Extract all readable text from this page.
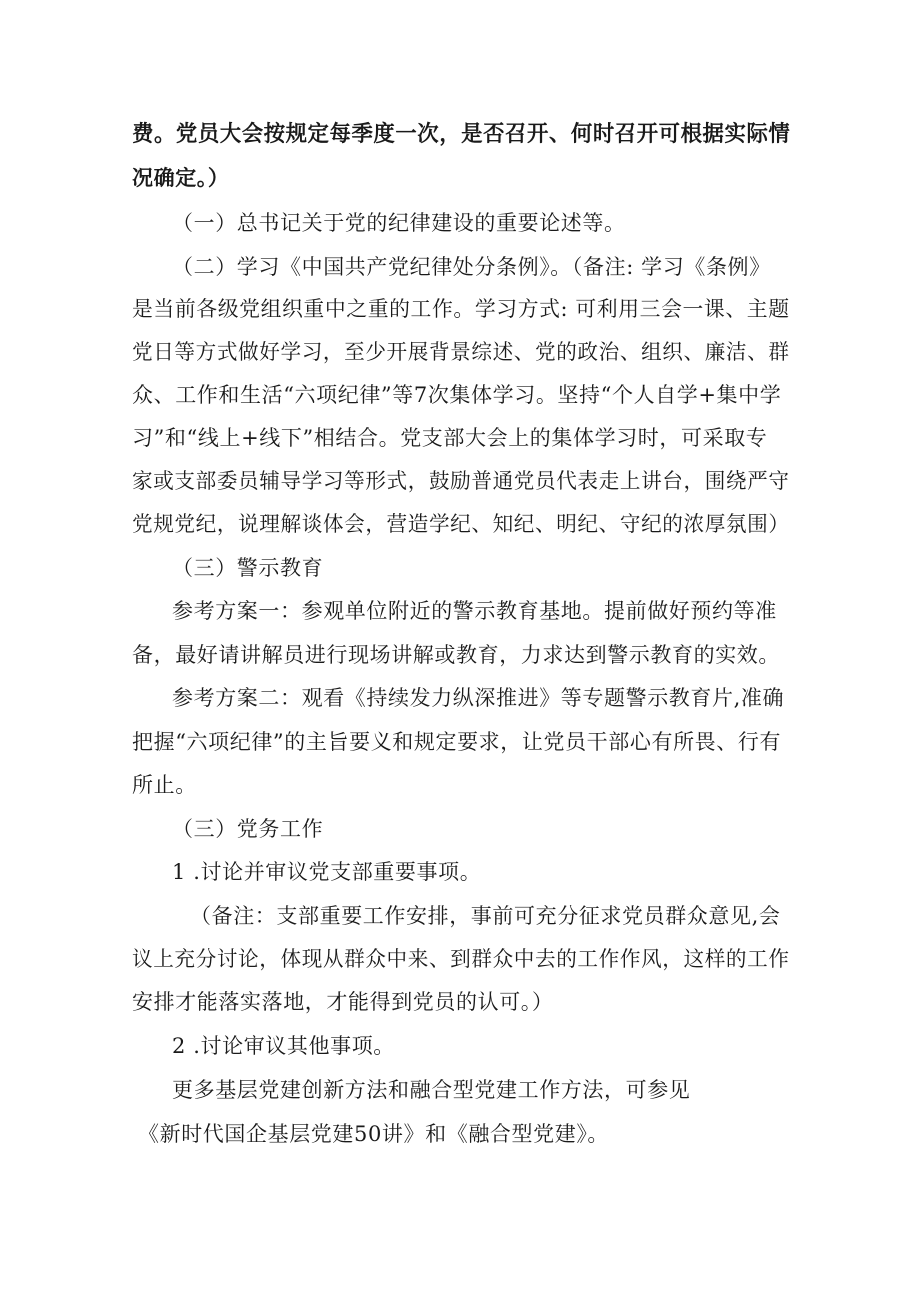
费。党员大会按规定每季度一次，是否召开、何时召开可根据实际情
况确定。）
（一）总书记关于党的纪律建设的重要论述等。
（二）学习《中国共产党纪律处分条例》。（备注: 学习《条例》
是当前各级党组织重中之重的工作。学习方式: 可利用三会一课、主题
党日等方式做好学习，至少开展背景综述、党的政治、组织、廉洁、群
众、工作和生活“六项纪律”等7次集体学习。坚持“个人自学+集中学
习”和“线上+线下”相结合。党支部大会上的集体学习时，可采取专
家或支部委员辅导学习等形式，鼓励普通党员代表走上讲台，围绕严守
党规党纪，说理解谈体会，营造学纪、知纪、明纪、守纪的浓厚氛围）
（三）警示教育
参考方案一：参观单位附近的警示教育基地。提前做好预约等准
备，最好请讲解员进行现场讲解或教育，力求达到警示教育的实效。
参考方案二：观看《持续发力纵深推进》等专题警示教育片,准确
把握“六项纪律”的主旨要义和规定要求，让党员干部心有所畏、行有
所止。
（三）党务工作
1 .讨论并审议党支部重要事项。
（备注：支部重要工作安排，事前可充分征求党员群众意见,会
议上充分讨论，体现从群众中来、到群众中去的工作作风，这样的工作
安排才能落实落地，才能得到党员的认可。）
2 .讨论审议其他事项。
更多基层党建创新方法和融合型党建工作方法，可参见
《新时代国企基层党建50讲》和《融合型党建》。
